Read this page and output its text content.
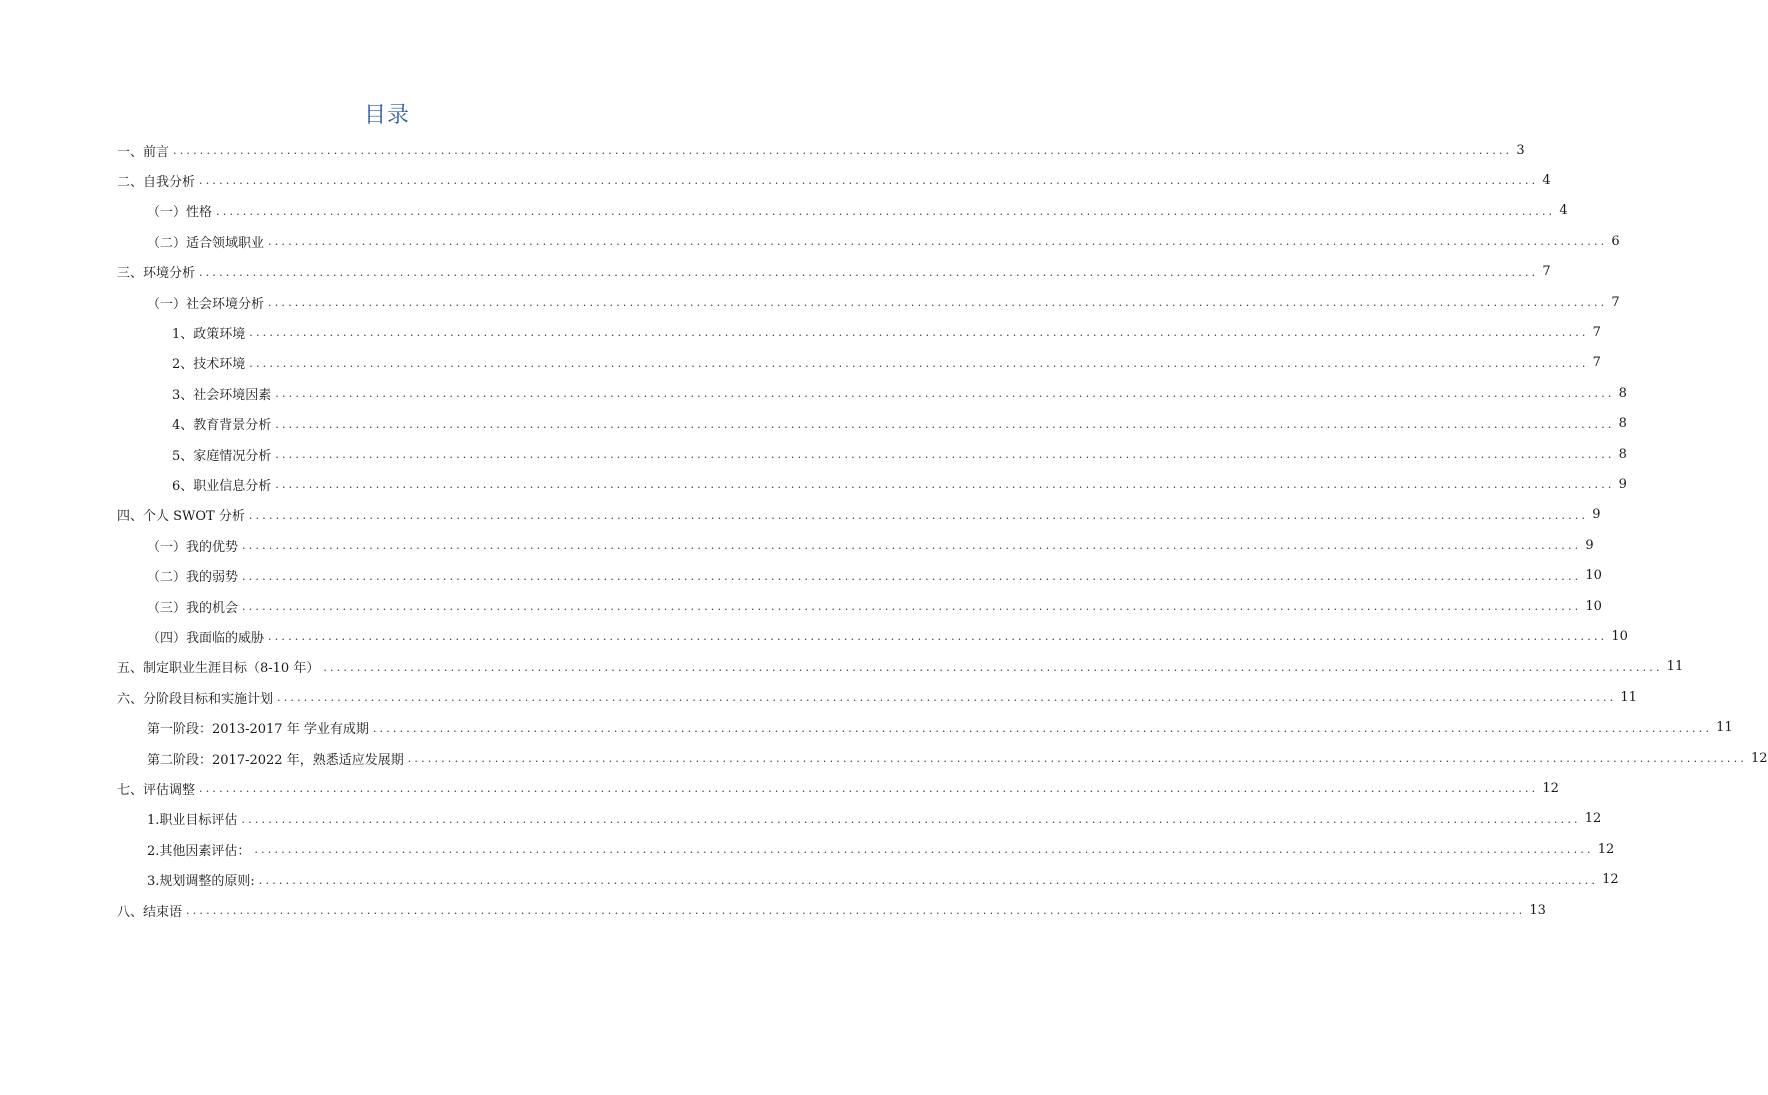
目录
一、前言 ........................................................................................................................................................................................................ 3
二、自我分析 ........................................................................................................................................................................................................ 4
（一）性格 ........................................................................................................................................................................................................ 4
（二）适合领域职业 ........................................................................................................................................................................................................ 6
三、环境分析 ........................................................................................................................................................................................................ 7
（一）社会环境分析 ........................................................................................................................................................................................................ 7
1、政策环境 ........................................................................................................................................................................................................ 7
2、技术环境 ........................................................................................................................................................................................................ 7
3、社会环境因素 ........................................................................................................................................................................................................ 8
4、教育背景分析 ........................................................................................................................................................................................................ 8
5、家庭情况分析 ........................................................................................................................................................................................................ 8
6、职业信息分析 ........................................................................................................................................................................................................ 9
四、个人 SWOT 分析 ........................................................................................................................................................................................................ 9
（一）我的优势 ........................................................................................................................................................................................................ 9
（二）我的弱势 ........................................................................................................................................................................................................ 10
（三）我的机会 ........................................................................................................................................................................................................ 10
（四）我面临的威胁 ........................................................................................................................................................................................................ 10
五、制定职业生涯目标（8-10 年） ........................................................................................................................................................................................................ 11
六、分阶段目标和实施计划 ........................................................................................................................................................................................................ 11
第一阶段：2013-2017 年 学业有成期 ........................................................................................................................................................................................................ 11
第二阶段：2017-2022 年，熟悉适应发展期 ........................................................................................................................................................................................................ 12
七、评估调整 ........................................................................................................................................................................................................ 12
1.职业目标评估 ........................................................................................................................................................................................................ 12
2.其他因素评估： ........................................................................................................................................................................................................ 12
3.规划调整的原则: ........................................................................................................................................................................................................ 12
八、结束语 ........................................................................................................................................................................................................ 13
